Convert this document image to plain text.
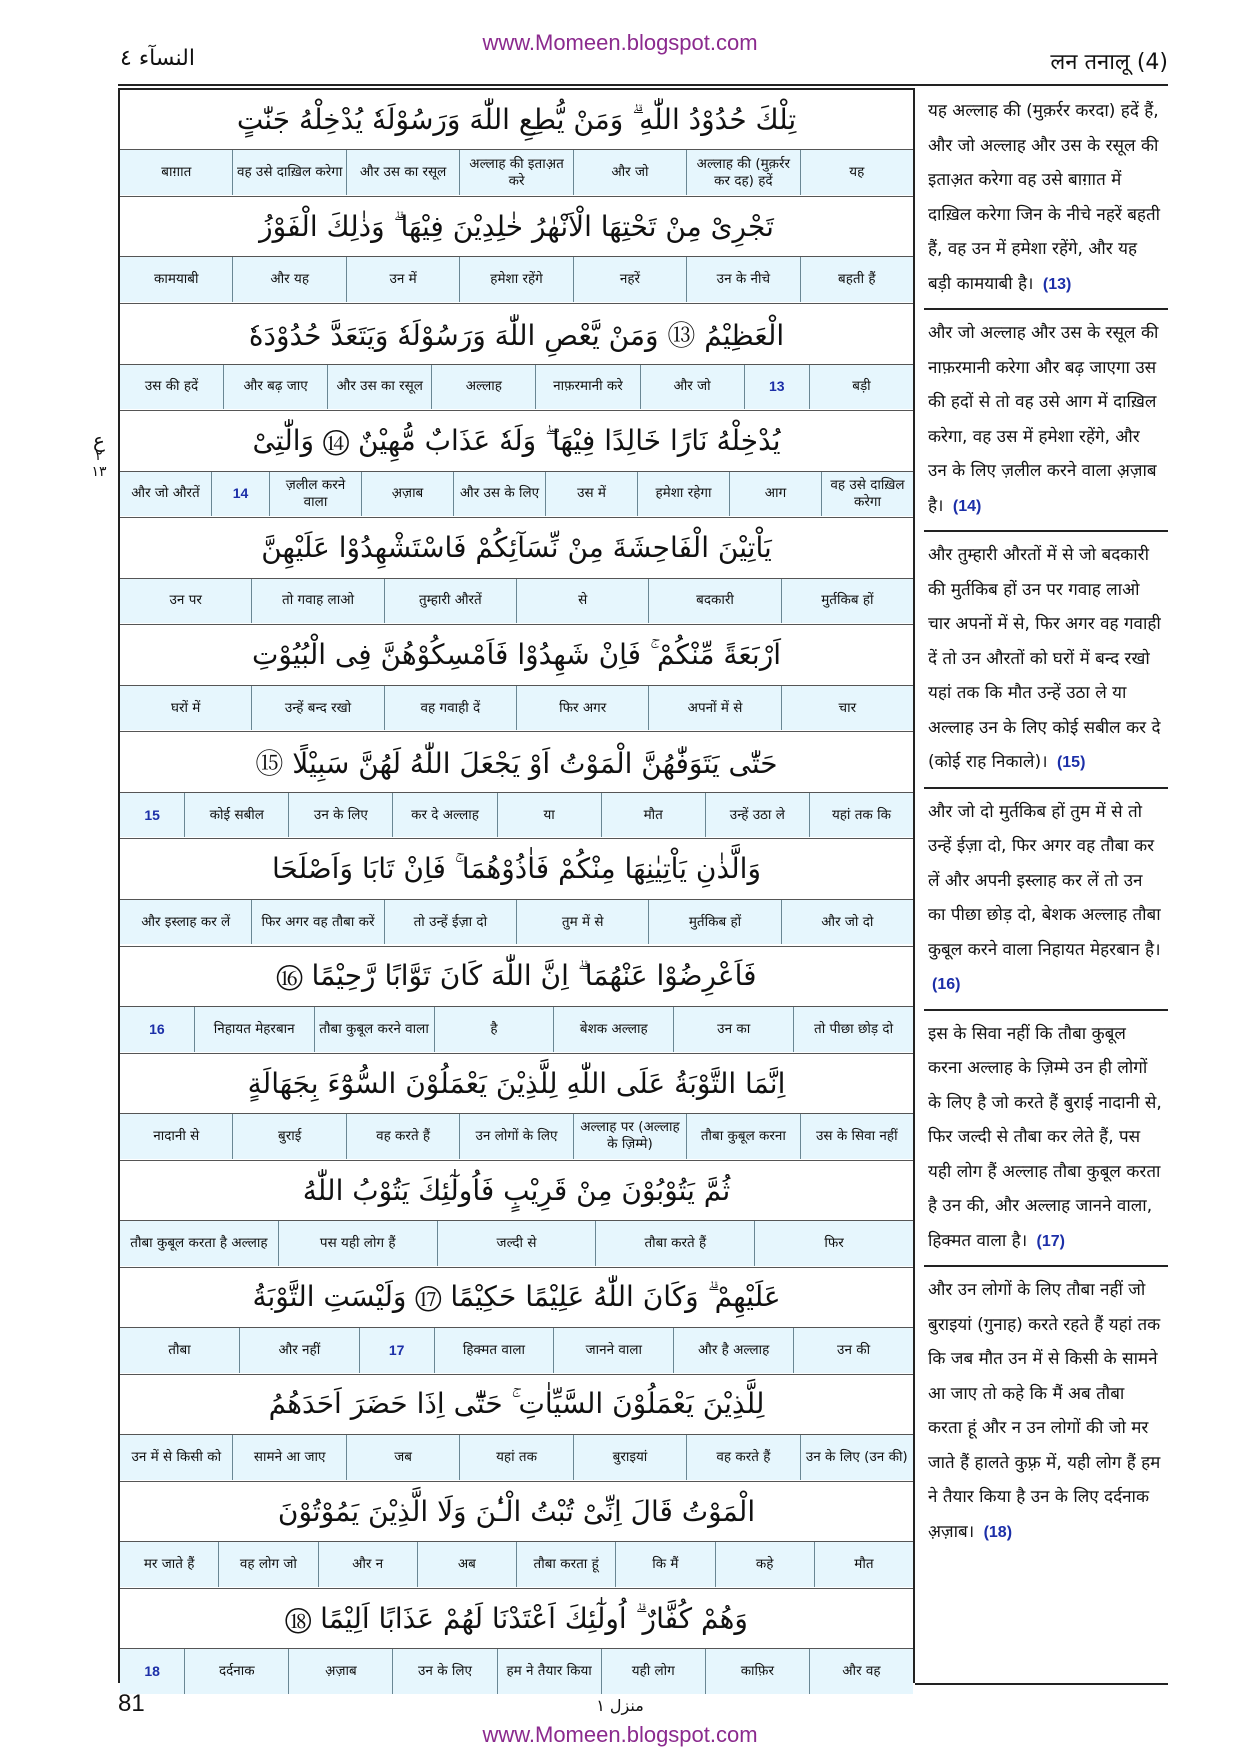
www.Momeen.blogspot.com
النسآء ٤	लन तनालू (4)
ع
٢
١٣
تِلْكَ حُدُوْدُ اللّٰهِ ۗ وَمَنْ يُّطِعِ اللّٰهَ وَرَسُوْلَهٗ يُدْخِلْهُ جَنّٰتٍ
यह
अल्लाह की (मुक़र्रर कर दह) हदें
और जो
अल्लाह की इताअ़त करे
और उस का रसूल
वह उसे दाख़िल करेगा
बाग़ात
تَجْرِىْ مِنْ تَحْتِهَا الْاَنْهٰرُ خٰلِدِيْنَ فِيْهَا ۗ وَذٰلِكَ الْفَوْزُ
बहती हैं
उन के नीचे
नहरें
हमेशा रहेंगे
उन में
और यह
कामयाबी
الْعَظِيْمُ ⑬ وَمَنْ يَّعْصِ اللّٰهَ وَرَسُوْلَهٗ وَيَتَعَدَّ حُدُوْدَهٗ
बड़ी
13
और जो
नाफ़रमानी करे
अल्लाह
और उस का रसूल
और बढ़ जाए
उस की हदें
يُدْخِلْهُ نَارًا خَالِدًا فِيْهَا ۖ وَلَهٗ عَذَابٌ مُّهِيْنٌ ⑭ وَالّٰتِىْ
वह उसे दाख़िल करेगा
आग
हमेशा रहेगा
उस में
और उस के लिए
अ़ज़ाब
ज़लील करने वाला
14
और जो औरतें
يَاْتِيْنَ الْفَاحِشَةَ مِنْ نِّسَآئِكُمْ فَاسْتَشْهِدُوْا عَلَيْهِنَّ
मुर्तकिब हों
बदकारी
से
तुम्हारी औरतें
तो गवाह लाओ
उन पर
اَرْبَعَةً مِّنْكُمْ ۚ فَاِنْ شَهِدُوْا فَاَمْسِكُوْهُنَّ فِى الْبُيُوْتِ
चार
अपनों में से
फिर अगर
वह गवाही दें
उन्हें बन्द रखो
घरों में
حَتّٰى يَتَوَفّٰهُنَّ الْمَوْتُ اَوْ يَجْعَلَ اللّٰهُ لَهُنَّ سَبِيْلًا ⑮
यहां तक कि
उन्हें उठा ले
मौत
या
कर दे अल्लाह
उन के लिए
कोई सबील
15
وَالَّذٰنِ يَاْتِيٰنِهَا مِنْكُمْ فَاٰذُوْهُمَا ۚ فَاِنْ تَابَا وَاَصْلَحَا
और जो दो
मुर्तकिब हों
तुम में से
तो उन्हें ईज़ा दो
फिर अगर वह तौबा करें
और इस्लाह कर लें
فَاَعْرِضُوْا عَنْهُمَا ۗ اِنَّ اللّٰهَ كَانَ تَوَّابًا رَّحِيْمًا ⑯
तो पीछा छोड़ दो
उन का
बेशक अल्लाह
है
तौबा कुबूल करने वाला
निहायत मेहरबान
16
اِنَّمَا التَّوْبَةُ عَلَى اللّٰهِ لِلَّذِيْنَ يَعْمَلُوْنَ السُّوْٓءَ بِجَهَالَةٍ
उस के सिवा नहीं
तौबा कुबूल करना
अल्लाह पर (अल्लाह के ज़िम्मे)
उन लोगों के लिए
वह करते हैं
बुराई
नादानी से
ثُمَّ يَتُوْبُوْنَ مِنْ قَرِيْبٍ فَاُولٰٓئِكَ يَتُوْبُ اللّٰهُ
फिर
तौबा करते हैं
जल्दी से
पस यही लोग हैं
तौबा कुबूल करता है अल्लाह
عَلَيْهِمْ ۗ وَكَانَ اللّٰهُ عَلِيْمًا حَكِيْمًا ⑰ وَلَيْسَتِ التَّوْبَةُ
उन की
और है अल्लाह
जानने वाला
हिक्मत वाला
17
और नहीं
तौबा
لِلَّذِيْنَ يَعْمَلُوْنَ السَّيِّاٰتِ ۚ حَتّٰٓى اِذَا حَضَرَ اَحَدَهُمُ
उन के लिए (उन की)
वह करते हैं
बुराइयां
यहां तक
जब
सामने आ जाए
उन में से किसी को
الْمَوْتُ قَالَ اِنِّىْ تُبْتُ الْـٰٔنَ وَلَا الَّذِيْنَ يَمُوْتُوْنَ
मौत
कहे
कि मैं
तौबा करता हूं
अब
और न
वह लोग जो
मर जाते हैं
وَهُمْ كُفَّارٌ ۗ اُولٰٓئِكَ اَعْتَدْنَا لَهُمْ عَذَابًا اَلِيْمًا ⑱
और वह
काफ़िर
यही लोग
हम ने तैयार किया
उन के लिए
अ़ज़ाब
दर्दनाक
18
यह अल्लाह की (मुक़र्रर करदा) हदें हैं, और जो अल्लाह और उस के रसूल की इताअ़त करेगा वह उसे बाग़ात में दाख़िल करेगा जिन के नीचे नहरें बहती हैं, वह उन में हमेशा रहेंगे, और यह बड़ी कामयाबी है। (13)
और जो अल्लाह और उस के रसूल की नाफ़रमानी करेगा और बढ़ जाएगा उस की हदों से तो वह उसे आग में दाख़िल करेगा, वह उस में हमेशा रहेंगे, और उन के लिए ज़लील करने वाला अ़ज़ाब है। (14)
और तुम्हारी औरतों में से जो बदकारी की मुर्तकिब हों उन पर गवाह लाओ चार अपनों में से, फिर अगर वह गवाही दें तो उन औरतों को घरों में बन्द रखो यहां तक कि मौत उन्हें उठा ले या अल्लाह उन के लिए कोई सबील कर दे (कोई राह निकाले)। (15)
और जो दो मुर्तकिब हों तुम में से तो उन्हें ईज़ा दो, फिर अगर वह तौबा कर लें और अपनी इस्लाह कर लें तो उन का पीछा छोड़ दो, बेशक अल्लाह तौबा कुबूल करने वाला निहायत मेहरबान है। (16)
इस के सिवा नहीं कि तौबा कुबूल करना अल्लाह के ज़िम्मे उन ही लोगों के लिए है जो करते हैं बुराई नादानी से, फिर जल्दी से तौबा कर लेते हैं, पस यही लोग हैं अल्लाह तौबा कुबूल करता है उन की, और अल्लाह जानने वाला, हिक्मत वाला है। (17)
और उन लोगों के लिए तौबा नहीं जो बुराइयां (गुनाह) करते रहते हैं यहां तक कि जब मौत उन में से किसी के सामने आ जाए तो कहे कि मैं अब तौबा करता हूं और न उन लोगों की जो मर जाते हैं हालते कुफ़्र में, यही लोग हैं हम ने तैयार किया है उन के लिए दर्दनाक अ़ज़ाब। (18)
81	منزل ١
www.Momeen.blogspot.com
